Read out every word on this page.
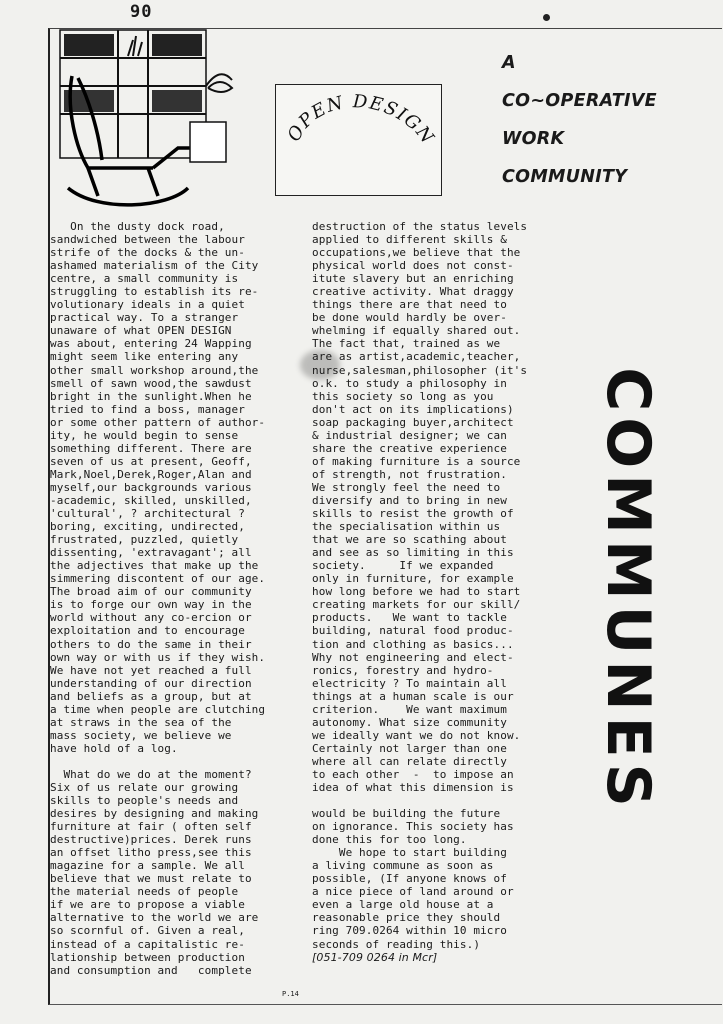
90
OPEN DESIGN
A
CO~OPERATIVE
WORK
COMMUNITY
COMMUNES

On the dusty dock road,

sandwiched between the labour

strife of the docks & the un-

ashamed materialism of the City

centre, a small community is

struggling to establish its re-

volutionary ideals in a quiet

practical way. To a stranger

unaware of what OPEN DESIGN

was about, entering 24 Wapping

might seem like entering any

other small workshop around,the

smell of sawn wood,the sawdust

bright in the sunlight.When he

tried to find a boss, manager

or some other pattern of author-

ity, he would begin to sense

something different. There are

seven of us at present, Geoff,

Mark,Noel,Derek,Roger,Alan and

myself,our backgrounds various

-academic, skilled, unskilled,

'cultural', ? architectural ?

boring, exciting, undirected,

frustrated, puzzled, quietly

dissenting, 'extravagant'; all

the adjectives that make up the

simmering discontent of our age.

The broad aim of our community

is to forge our own way in the

world without any co-ercion or

exploitation and to encourage

others to do the same in their

own way or with us if they wish.

We have not yet reached a full

understanding of our direction

and beliefs as a group, but at

a time when people are clutching

at straws in the sea of the

mass society, we believe we

have hold of a log.

What do we do at the moment?

Six of us relate our growing

skills to people's needs and

desires by designing and making

furniture at fair ( often self

destructive)prices. Derek runs

an offset litho press,see this

magazine for a sample. We all

believe that we must relate to

the material needs of people

if we are to propose a viable

alternative to the world we are

so scornful of. Given a real,

instead of a capitalistic re-

lationship between production

and consumption and   complete

destruction of the status levels

applied to different skills &

occupations,we believe that the

physical world does not const-

itute slavery but an enriching

creative activity. What draggy

things there are that need to

be done would hardly be over-

whelming if equally shared out.

The fact that, trained as we

are as artist,academic,teacher,

nurse,salesman,philosopher (it's

o.k. to study a philosophy in

this society so long as you

don't act on its implications)

soap packaging buyer,architect

& industrial designer; we can

share the creative experience

of making furniture is a source

of strength, not frustration.

We strongly feel the need to

diversify and to bring in new

skills to resist the growth of

the specialisation within us

that we are so scathing about

and see as so limiting in this

society.     If we expanded

only in furniture, for example

how long before we had to start

creating markets for our skill/

products.   We want to tackle

building, natural food produc-

tion and clothing as basics...

Why not engineering and elect-

ronics, forestry and hydro-

electricity ? To maintain all

things at a human scale is our

criterion.    We want maximum

autonomy. What size community

we ideally want we do not know.

Certainly not larger than one

where all can relate directly

to each other  -  to impose an

idea of what this dimension is

would be building the future

on ignorance. This society has

done this for too long.

We hope to start building

a living commune as soon as

possible, (If anyone knows of

a nice piece of land around or

even a large old house at a

reasonable price they should

ring 709.0264 within 10 micro

seconds of reading this.)

[051-709 0264 in Mcr]

P.14
